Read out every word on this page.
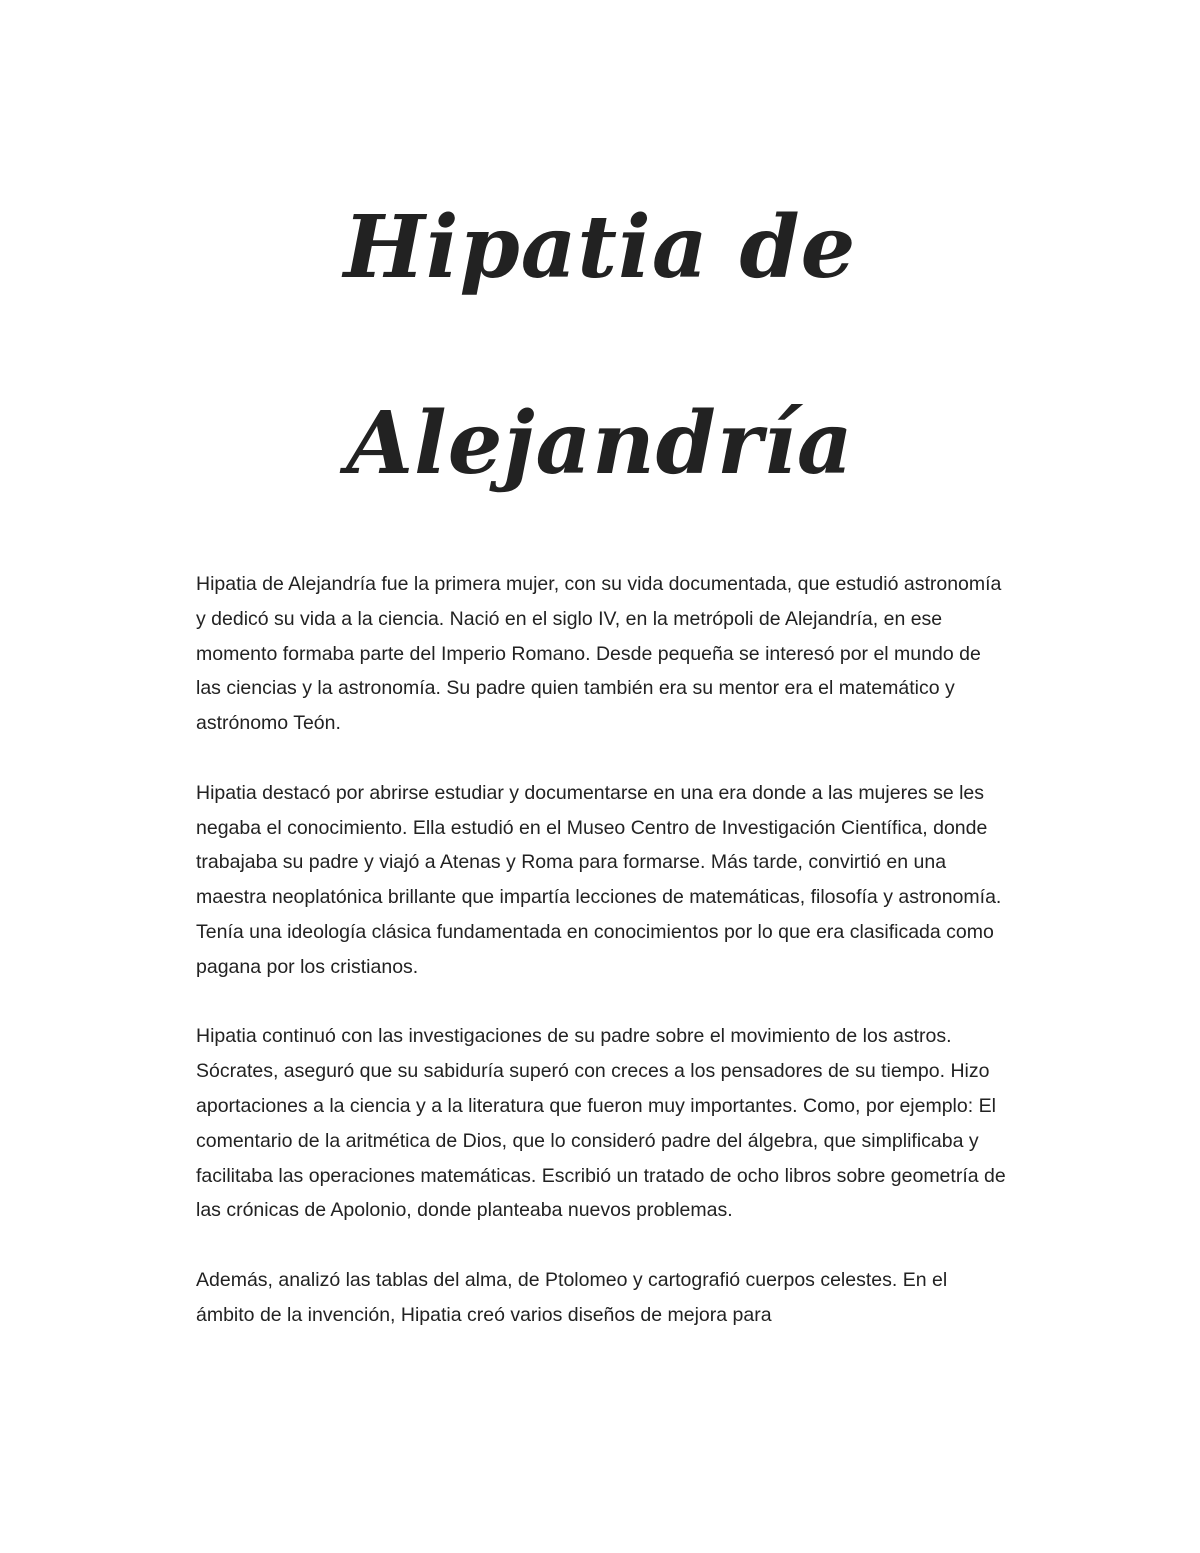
Hipatia de
Alejandría

Hipatia de Alejandría fue la primera mujer, con su vida documentada, que estudió astronomía y dedicó su vida a la ciencia. Nació en el siglo IV, en la metrópoli de Alejandría, en ese momento formaba parte del Imperio Romano. Desde pequeña se interesó por el mundo de las ciencias y la astronomía. Su padre quien también era su mentor era el matemático y astrónomo Teón.

Hipatia destacó por abrirse estudiar y documentarse en una era donde a las mujeres se les negaba el conocimiento. Ella estudió en el Museo Centro de Investigación Científica, donde trabajaba su padre y viajó a Atenas y Roma para formarse. Más tarde, convirtió en una maestra neoplatónica brillante que impartía lecciones de matemáticas, filosofía y astronomía. Tenía una ideología clásica fundamentada en conocimientos por lo que era clasificada como pagana por los cristianos.

Hipatia continuó con las investigaciones de su padre sobre el movimiento de los astros. Sócrates, aseguró que su sabiduría superó con creces a los pensadores de su tiempo. Hizo aportaciones a la ciencia y a la literatura que fueron muy importantes. Como, por ejemplo: El comentario de la aritmética de Dios, que lo consideró padre del álgebra, que simplificaba y facilitaba las operaciones matemáticas. Escribió un tratado de ocho libros sobre geometría de las crónicas de Apolonio, donde planteaba nuevos problemas.

Además, analizó las tablas del alma, de Ptolomeo y cartografió cuerpos celestes. En el ámbito de la invención, Hipatia creó varios diseños de mejora para
